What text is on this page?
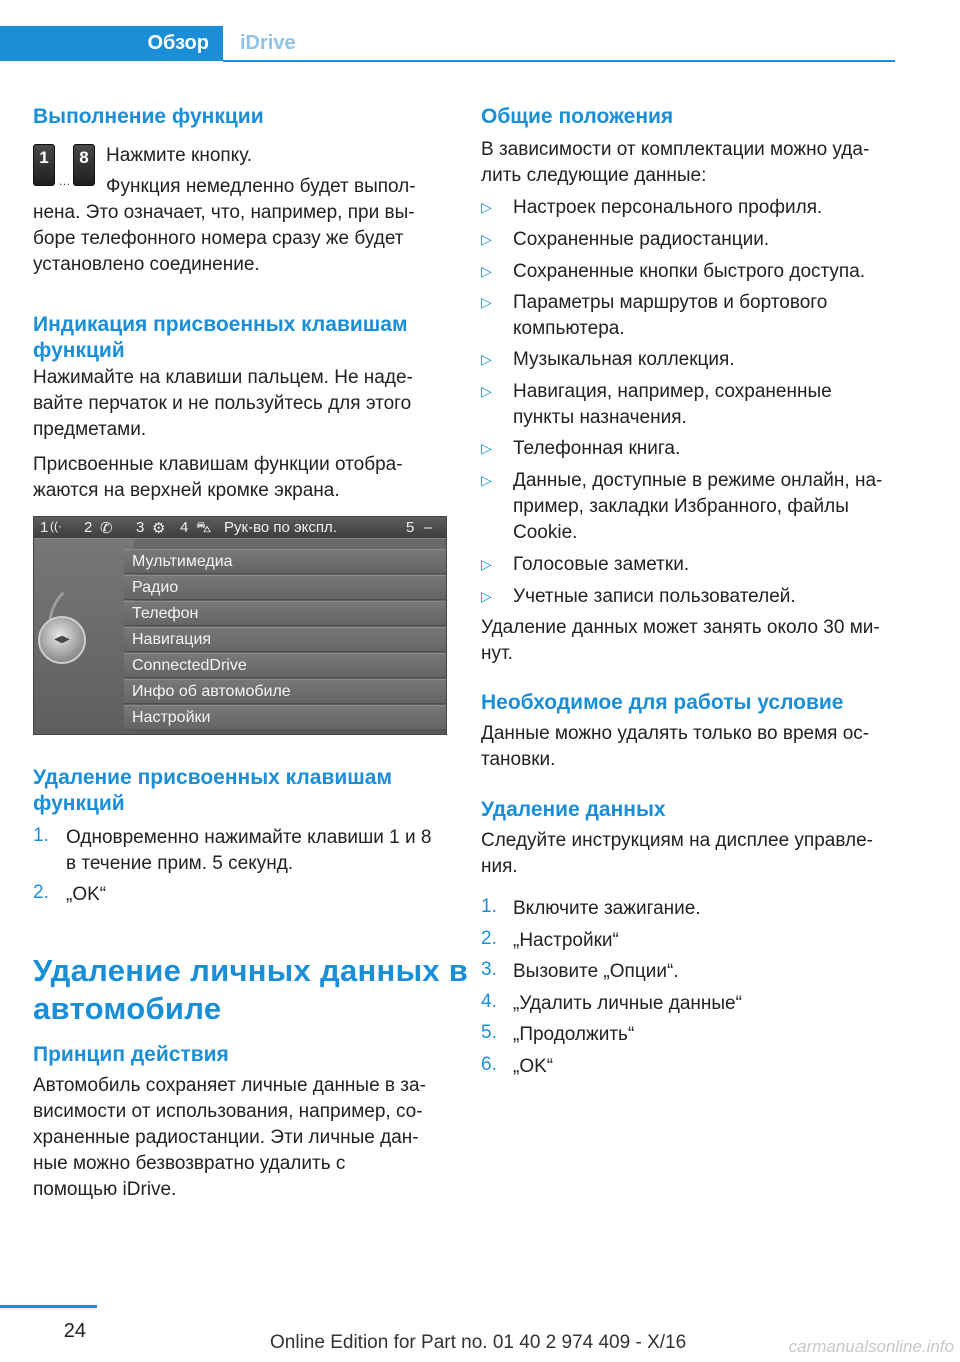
Обзор	iDrive
Выполнение функции
1
…
8 Нажмите кнопку.
Функция немедленно будет выпол-
нена. Это означает, что, например, при вы-
боре телефонного номера сразу же будет
установлено соединение.
Индикация присвоенных клавишам
функций
Нажимайте на клавиши пальцем. Не наде-
вайте перчаток и не пользуйтесь для этого
предметами.
Присвоенные клавишам функции отобра-
жаются на верхней кромке экрана.
1 ((· 2 ✆ 3 ⚙ 4 ⛍ Рук-во по экспл.	5 –
◀▶
Мультимедиа
Радио
Телефон
Навигация
ConnectedDrive
Инфо об автомобиле
Настройки
Удаление присвоенных клавишам
функций
1. Одновременно нажимайте клавиши 1 и 8
в течение прим. 5 секунд.
2. „OK“
Удаление личных данных в
автомобиле
Принцип действия
Автомобиль сохраняет личные данные в за-
висимости от использования, например, со-
храненные радиостанции. Эти личные дан-
ные можно безвозвратно удалить с
помощью iDrive.
Общие положения
В зависимости от комплектации можно уда-
лить следующие данные:
▷ Настроек персонального профиля.
▷ Сохраненные радиостанции.
▷ Сохраненные кнопки быстрого доступа.
▷ Параметры маршрутов и бортового
компьютера.
▷ Музыкальная коллекция.
▷ Навигация, например, сохраненные
пункты назначения.
▷ Телефонная книга.
▷ Данные, доступные в режиме онлайн, на-
пример, закладки Избранного, файлы
Cookie.
▷ Голосовые заметки.
▷ Учетные записи пользователей.
Удаление данных может занять около 30 ми-
нут.
Необходимое для работы условие
Данные можно удалять только во время ос-
тановки.
Удаление данных
Следуйте инструкциям на дисплее управле-
ния.
1. Включите зажигание.
2. „Настройки“
3. Вызовите „Опции“.
4. „Удалить личные данные“
5. „Продолжить“
6. „OK“
24
Online Edition for Part no. 01 40 2 974 409 - X/16	carmanualsonline.info
